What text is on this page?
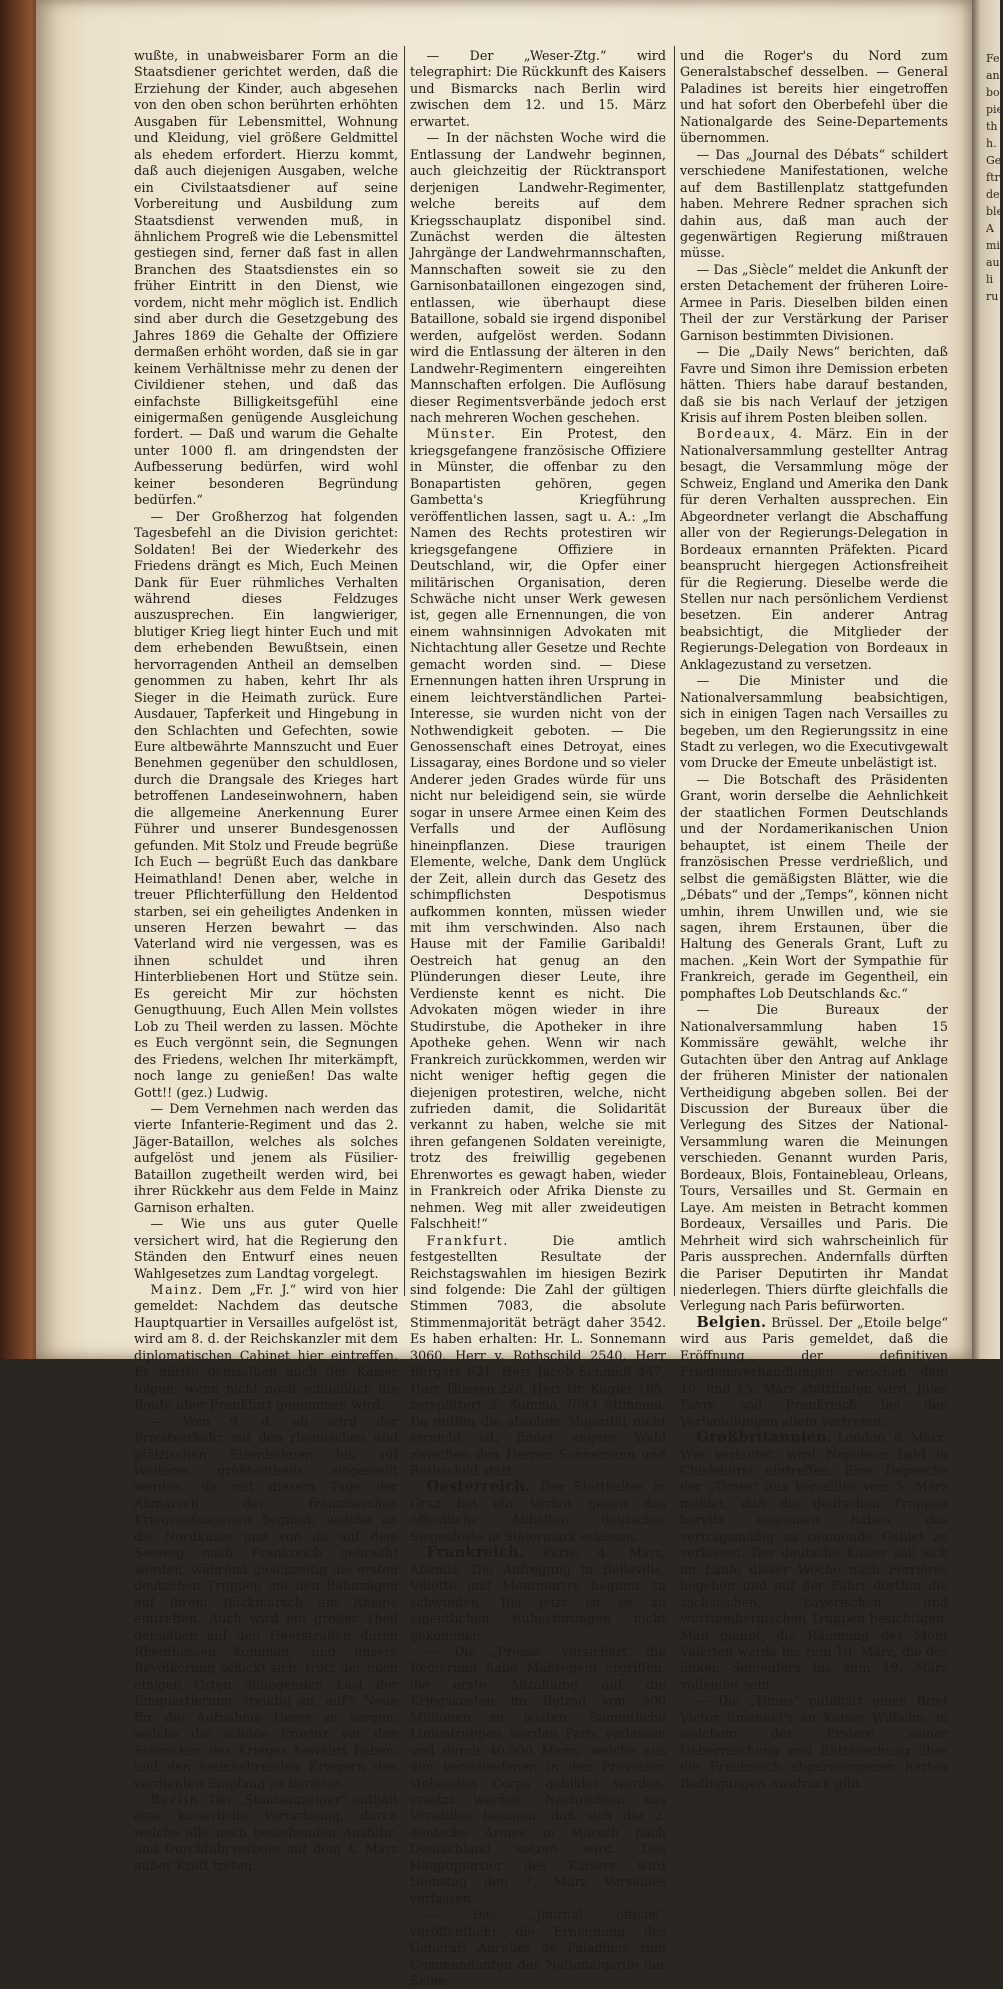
wußte, in unabweisbarer Form an die Staatsdiener gerichtet werden, daß die Erziehung der Kinder, auch abgesehen von den oben schon berührten erhöhten Ausgaben für Lebensmittel, Wohnung und Kleidung, viel größere Geldmittel als ehedem erfordert. Hierzu kommt, daß auch diejenigen Ausgaben, welche ein Civilstaatsdiener auf seine Vorbereitung und Ausbildung zum Staatsdienst verwenden muß, in ähnlichem Progreß wie die Lebensmittel gestiegen sind, ferner daß fast in allen Branchen des Staatsdienstes ein so früher Eintritt in den Dienst, wie vordem, nicht mehr möglich ist. Endlich sind aber durch die Gesetzgebung des Jahres 1869 die Gehalte der Offiziere dermaßen erhöht worden, daß sie in gar keinem Verhältnisse mehr zu denen der Civildiener stehen, und daß das einfachste Billigkeitsgefühl eine einigermaßen genügende Ausgleichung fordert. — Daß und warum die Gehalte unter 1000 fl. am dringendsten der Aufbesserung bedürfen, wird wohl keiner besonderen Begründung bedürfen.“

— Der Großherzog hat folgenden Tagesbefehl an die Division gerichtet: Soldaten! Bei der Wiederkehr des Friedens drängt es Mich, Euch Meinen Dank für Euer rühmliches Verhalten während dieses Feldzuges auszusprechen. Ein langwieriger, blutiger Krieg liegt hinter Euch und mit dem erhebenden Bewußtsein, einen hervorragenden Antheil an demselben genommen zu haben, kehrt Ihr als Sieger in die Heimath zurück. Eure Ausdauer, Tapferkeit und Hingebung in den Schlachten und Gefechten, sowie Eure altbewährte Mannszucht und Euer Benehmen gegenüber den schuldlosen, durch die Drangsale des Krieges hart betroffenen Landeseinwohnern, haben die allgemeine Anerkennung Eurer Führer und unserer Bundesgenossen gefunden. Mit Stolz und Freude begrüße Ich Euch — begrüßt Euch das dankbare Heimathland! Denen aber, welche in treuer Pflichterfüllung den Heldentod starben, sei ein geheiligtes Andenken in unseren Herzen bewahrt — das Vaterland wird nie vergessen, was es ihnen schuldet und ihren Hinterbliebenen Hort und Stütze sein. Es gereicht Mir zur höchsten Genugthuung, Euch Allen Mein vollstes Lob zu Theil werden zu lassen. Möchte es Euch vergönnt sein, die Segnungen des Friedens, welchen Ihr miterkämpft, noch lange zu genießen! Das walte Gott!! (gez.) Ludwig.

— Dem Vernehmen nach werden das vierte Infanterie-Regiment und das 2. Jäger-Bataillon, welches als solches aufgelöst und jenem als Füsilier-Bataillon zugetheilt werden wird, bei ihrer Rückkehr aus dem Felde in Mainz Garnison erhalten.

— Wie uns aus guter Quelle versichert wird, hat die Regierung den Ständen den Entwurf eines neuen Wahlgesetzes zum Landtag vorgelegt.

Mainz. Dem „Fr. J.“ wird von hier gemeldet: Nachdem das deutsche Hauptquartier in Versailles aufgelöst ist, wird am 8. d. der Reichskanzler mit dem diplomatischen Cabinet hier eintreffen. Es dürfte demselben auch der Kaiser folgen, wenn nicht noch schließlich die Route über Frankfurt genommen wird.

— Vom 9. d. ab wird der Privatverkehr auf den rheinischen und pfälzischen Eisenbahnen bis auf Weiteres größtentheils eingestellt werden, da mit diesem Tage der Abmarsch der französischen Kriegsgefangenen beginnt, welche an die Nordküste und von da auf dem Seeweg nach Frankreich gebracht werden, während gleichzeitig die ersten deutschen Truppen mit den Bahnzügen auf ihrem Rückmarsch am Rheine eintreffen. Auch wird ein großer Theil derselben auf den Heerstraßen durch Rheinhessen kommen, und unsere Bevölkerung schickt sich, trotz der noch einigen Orten obliegenden Last der Einquartierung, freudig an, auf's Neue für die Aufnahme Derer zu sorgen, welche die schöne Provinz vor den Schrecken des Krieges bewahrt haben, und den heimkehrenden Kriegern den verdienten Empfang zu bereiten.

Berlin. Der „Staatsanzeiger“ enthält eine kaiserliche Verordnung, durch welche alle noch bestehenden Ausfuhr- und Durchfuhrverbote mit dem 4. März außer Kraft treten.

— Der „Weser-Ztg.“ wird telegraphirt: Die Rückkunft des Kaisers und Bismarcks nach Berlin wird zwischen dem 12. und 15. März erwartet.

— In der nächsten Woche wird die Entlassung der Landwehr beginnen, auch gleichzeitig der Rücktransport derjenigen Landwehr-Regimenter, welche bereits auf dem Kriegsschauplatz disponibel sind. Zunächst werden die ältesten Jahrgänge der Landwehrmannschaften, Mannschaften soweit sie zu den Garnisonbataillonen eingezogen sind, entlassen, wie überhaupt diese Bataillone, sobald sie irgend disponibel werden, aufgelöst werden. Sodann wird die Entlassung der älteren in den Landwehr-Regimentern eingereihten Mannschaften erfolgen. Die Auflösung dieser Regimentsverbände jedoch erst nach mehreren Wochen geschehen.

Münster. Ein Protest, den kriegsgefangene französische Offiziere in Münster, die offenbar zu den Bonapartisten gehören, gegen Gambetta's Kriegführung veröffentlichen lassen, sagt u. A.: „Im Namen des Rechts protestiren wir kriegsgefangene Offiziere in Deutschland, wir, die Opfer einer militärischen Organisation, deren Schwäche nicht unser Werk gewesen ist, gegen alle Ernennungen, die von einem wahnsinnigen Advokaten mit Nichtachtung aller Gesetze und Rechte gemacht worden sind. — Diese Ernennungen hatten ihren Ursprung in einem leichtverständlichen Partei-Interesse, sie wurden nicht von der Nothwendigkeit geboten. — Die Genossenschaft eines Detroyat, eines Lissagaray, eines Bordone und so vieler Anderer jeden Grades würde für uns nicht nur beleidigend sein, sie würde sogar in unsere Armee einen Keim des Verfalls und der Auflösung hineinpflanzen. Diese traurigen Elemente, welche, Dank dem Unglück der Zeit, allein durch das Gesetz des schimpflichsten Despotismus aufkommen konnten, müssen wieder mit ihm verschwinden. Also nach Hause mit der Familie Garibaldi! Oestreich hat genug an den Plünderungen dieser Leute, ihre Verdienste kennt es nicht. Die Advokaten mögen wieder in ihre Studirstube, die Apotheker in ihre Apotheke gehen. Wenn wir nach Frankreich zurückkommen, werden wir nicht weniger heftig gegen die diejenigen protestiren, welche, nicht zufrieden damit, die Solidarität verkannt zu haben, welche sie mit ihren gefangenen Soldaten vereinigte, trotz des freiwillig gegebenen Ehrenwortes es gewagt haben, wieder in Frankreich oder Afrika Dienste zu nehmen. Weg mit aller zweideutigen Falschheit!“

Frankfurt. Die amtlich festgestellten Resultate der Reichstagswahlen im hiesigen Bezirk sind folgende: Die Zahl der gültigen Stimmen 7083, die absolute Stimmenmajorität beträgt daher 3542. Es haben erhalten: Hr. L. Sonnemann 3060, Herr v. Rothschild 2540, Herr Bürgers 621, Herr Jacob Schmidt 447, Herr Thissen 228, Herr Dr. Kugler 185, zersplittert 2, Summa 7083 Stimmen. Da mithin die absolute Majorität nicht erreicht ist, findet engere Wahl zwischen den Herren Sonnemann und Rothschild statt.

Oesterreich. Der Statthalter in Graz hat ein Verbot gegen das öffentliche Abhalten deutscher Siegesfeste in Steiermark erlassen.

Frankreich. Paris, 4. März, Abends. Die Aufregung in Belleville, Villette und Montmartre beginnt zu schwinden. Bis jetzt ist es zu eigentlichen Ruhestörungen nicht gekommen.

— Die „Presse“ versichert, die Regierung habe Maßregeln ergriffen, die erste Abzahlung auf die Kriegskosten im Betrag von 500 Millionen zu leisten. Sämmtliche Linientruppen werden Paris verlassen und durch 40,000 Mann, welche aus den verschiedenen in den Provinzen stehenden Corps gebildet werden, ersetzt werden. Nachrichten aus Versailles besagen, daß sich die 2. deutsche Armee in Marsch nach Deutschland setzen wird. Das Hauptquartier des Kaisers wird Dienstag den 7. März Versailles verlassen.

— Das „Journal officiel“ veröffentlicht die Ernennung des Generals Aurelles de Paladines zum Commandanten der Nationalgarde der Seine

und die Roger's du Nord zum Generalstabschef desselben. — General Paladines ist bereits hier eingetroffen und hat sofort den Oberbefehl über die Nationalgarde des Seine-Departements übernommen.

— Das „Journal des Débats“ schildert verschiedene Manifestationen, welche auf dem Bastillenplatz stattgefunden haben. Mehrere Redner sprachen sich dahin aus, daß man auch der gegenwärtigen Regierung mißtrauen müsse.

— Das „Siècle“ meldet die Ankunft der ersten Detachement der früheren Loire-Armee in Paris. Dieselben bilden einen Theil der zur Verstärkung der Pariser Garnison bestimmten Divisionen.

— Die „Daily News“ berichten, daß Favre und Simon ihre Demission erbeten hätten. Thiers habe darauf bestanden, daß sie bis nach Verlauf der jetzigen Krisis auf ihrem Posten bleiben sollen.

Bordeaux, 4. März. Ein in der Nationalversammlung gestellter Antrag besagt, die Versammlung möge der Schweiz, England und Amerika den Dank für deren Verhalten aussprechen. Ein Abgeordneter verlangt die Abschaffung aller von der Regierungs-Delegation in Bordeaux ernannten Präfekten. Picard beansprucht hiergegen Actionsfreiheit für die Regierung. Dieselbe werde die Stellen nur nach persönlichem Verdienst besetzen. Ein anderer Antrag beabsichtigt, die Mitglieder der Regierungs-Delegation von Bordeaux in Anklagezustand zu versetzen.

— Die Minister und die Nationalversammlung beabsichtigen, sich in einigen Tagen nach Versailles zu begeben, um den Regierungssitz in eine Stadt zu verlegen, wo die Executivgewalt vom Drucke der Emeute unbelästigt ist.

— Die Botschaft des Präsidenten Grant, worin derselbe die Aehnlichkeit der staatlichen Formen Deutschlands und der Nordamerikanischen Union behauptet, ist einem Theile der französischen Presse verdrießlich, und selbst die gemäßigsten Blätter, wie die „Débats“ und der „Temps“, können nicht umhin, ihrem Unwillen und, wie sie sagen, ihrem Erstaunen, über die Haltung des Generals Grant, Luft zu machen. „Kein Wort der Sympathie für Frankreich, gerade im Gegentheil, ein pomphaftes Lob Deutschlands &c.“

— Die Bureaux der Nationalversammlung haben 15 Kommissäre gewählt, welche ihr Gutachten über den Antrag auf Anklage der früheren Minister der nationalen Vertheidigung abgeben sollen. Bei der Discussion der Bureaux über die Verlegung des Sitzes der National-Versammlung waren die Meinungen verschieden. Genannt wurden Paris, Bordeaux, Blois, Fontainebleau, Orleans, Tours, Versailles und St. Germain en Laye. Am meisten in Betracht kommen Bordeaux, Versailles und Paris. Die Mehrheit wird sich wahrscheinlich für Paris aussprechen. Andernfalls dürften die Pariser Deputirten ihr Mandat niederlegen. Thiers dürfte gleichfalls die Verlegung nach Paris befürworten.

Belgien. Brüssel. Der „Etoile belge“ wird aus Paris gemeldet, daß die Eröffnung der definitiven Friedensverhandlungen zwischen dem 10. und 15. März stattfinden wird. Jules Favre soll Frankreich bei den Verhandlungen allein vertreten.

Großbritannien. London, 6. März. Wie verlautet, wird Napoleon bald in Chislehurst eintreffen. Eine Depesche der „Times“ aus Versailles vom 5. März meldet, daß die deutschen Truppen bereits begonnen haben, das vertragsmäßig zu räumende Gebiet zu verlassen. Der deutsche Kaiser soll sich im Laufe dieser Woche nach Ferrières begeben und auf der Fahrt dorthin die sächsischen, bayerischen und württembergischen Truppen besichtigen. Man glaubt, die Räumung des Mont Valérien werde bis zum 10. März, die des linken Seineufers bis zum 19. März vollendet sein.

— Die „Times“ publicirt einen Brief Victor Emanuel's an Kaiser Wilhelm, in welchem der Erstere seiner Ueberraschung und Enttäuschung über die Frankreich abgezwungenen harten Bedingungen Ausdruck gibt.

Fe
an
bol
pie
th
h.
Ge
ftr
dei
ble
A
mi
au
li
ru
